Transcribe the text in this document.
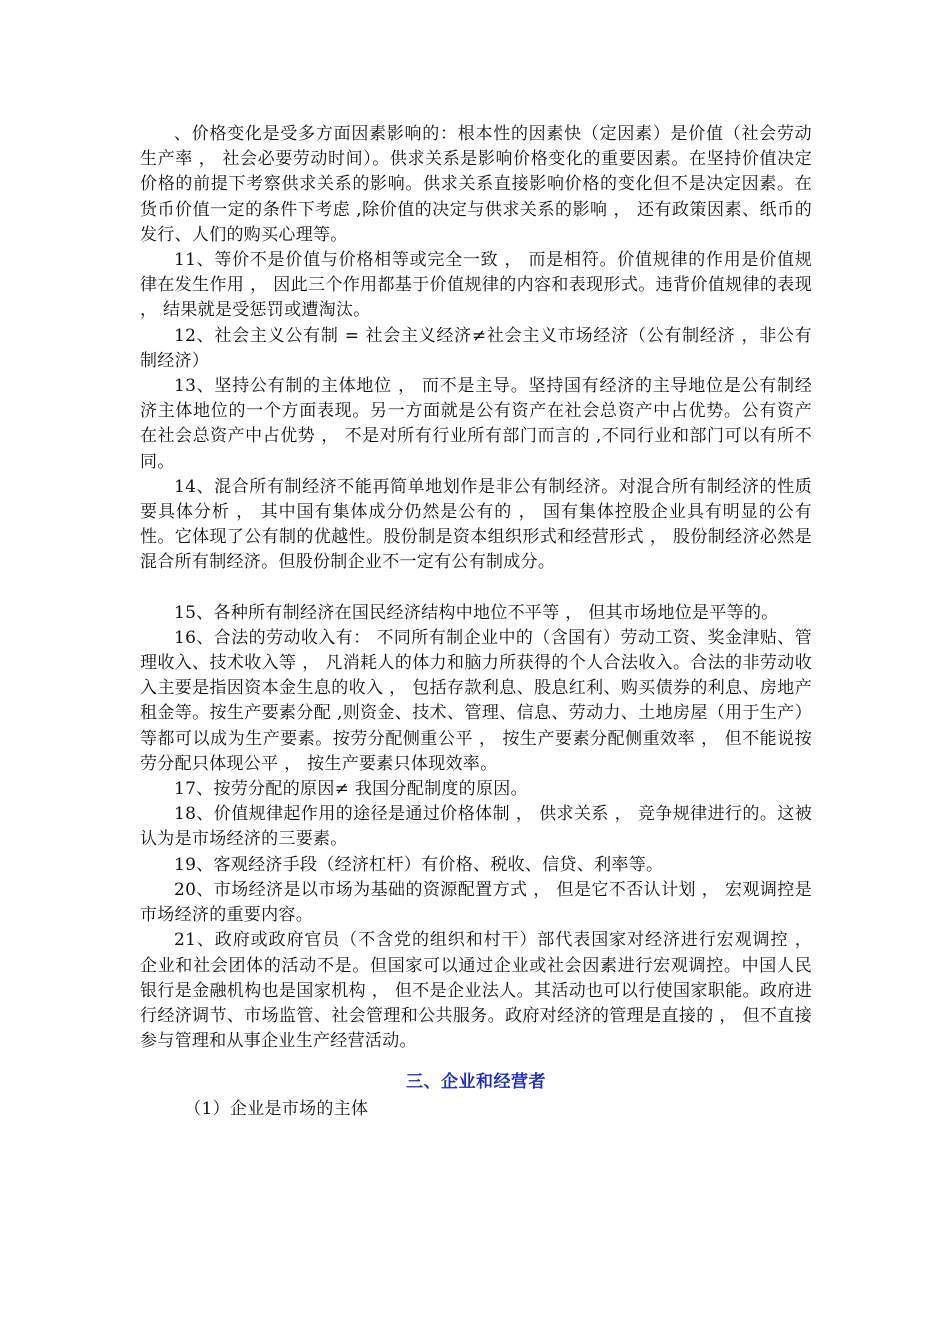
、价格变化是受多方面因素影响的：根本性的因素快（定因素）是价值（社会劳动生产率 ， 社会必要劳动时间）。供求关系是影响价格变化的重要因素。在坚持价值决定价格的前提下考察供求关系的影响。供求关系直接影响价格的变化但不是决定因素。在货币价值一定的条件下考虑 ,除价值的决定与供求关系的影响 ， 还有政策因素、纸币的发行、人们的购买心理等。

11、等价不是价值与价格相等或完全一致 ， 而是相符。价值规律的作用是价值规律在发生作用 ， 因此三个作用都基于价值规律的内容和表现形式。违背价值规律的表现 ， 结果就是受惩罚或遭淘汰。

12、社会主义公有制 = 社会主义经济≠社会主义市场经济（公有制经济 ，非公有制经济）

13、坚持公有制的主体地位 ， 而不是主导。坚持国有经济的主导地位是公有制经济主体地位的一个方面表现。另一方面就是公有资产在社会总资产中占优势。公有资产在社会总资产中占优势 ， 不是对所有行业所有部门而言的 ,不同行业和部门可以有所不同。

14、混合所有制经济不能再简单地划作是非公有制经济。对混合所有制经济的性质要具体分析 ， 其中国有集体成分仍然是公有的 ， 国有集体控股企业具有明显的公有性。它体现了公有制的优越性。股份制是资本组织形式和经营形式 ， 股份制经济必然是混合所有制经济。但股份制企业不一定有公有制成分。

15、各种所有制经济在国民经济结构中地位不平等 ， 但其市场地位是平等的。

16、合法的劳动收入有： 不同所有制企业中的（含国有）劳动工资、奖金津贴、管理收入、技术收入等 ， 凡消耗人的体力和脑力所获得的个人合法收入。合法的非劳动收入主要是指因资本金生息的收入 ， 包括存款利息、股息红利、购买债券的利息、房地产租金等。按生产要素分配 ,则资金、技术、管理、信息、劳动力、土地房屋（用于生产）等都可以成为生产要素。按劳分配侧重公平 ， 按生产要素分配侧重效率 ， 但不能说按劳分配只体现公平 ， 按生产要素只体现效率。

17、按劳分配的原因≠ 我国分配制度的原因。

18、价值规律起作用的途径是通过价格体制 ， 供求关系 ， 竞争规律进行的。这被认为是市场经济的三要素。

19、客观经济手段（经济杠杆）有价格、税收、信贷、利率等。

20、市场经济是以市场为基础的资源配置方式 ， 但是它不否认计划 ， 宏观调控是市场经济的重要内容。

21、政府或政府官员（不含党的组织和村干）部代表国家对经济进行宏观调控 ， 企业和社会团体的活动不是。但国家可以通过企业或社会因素进行宏观调控。中国人民银行是金融机构也是国家机构 ， 但不是企业法人。其活动也可以行使国家职能。政府进行经济调节、市场监管、社会管理和公共服务。政府对经济的管理是直接的 ， 但不直接参与管理和从事企业生产经营活动。

三、企业和经营者

（1）企业是市场的主体
